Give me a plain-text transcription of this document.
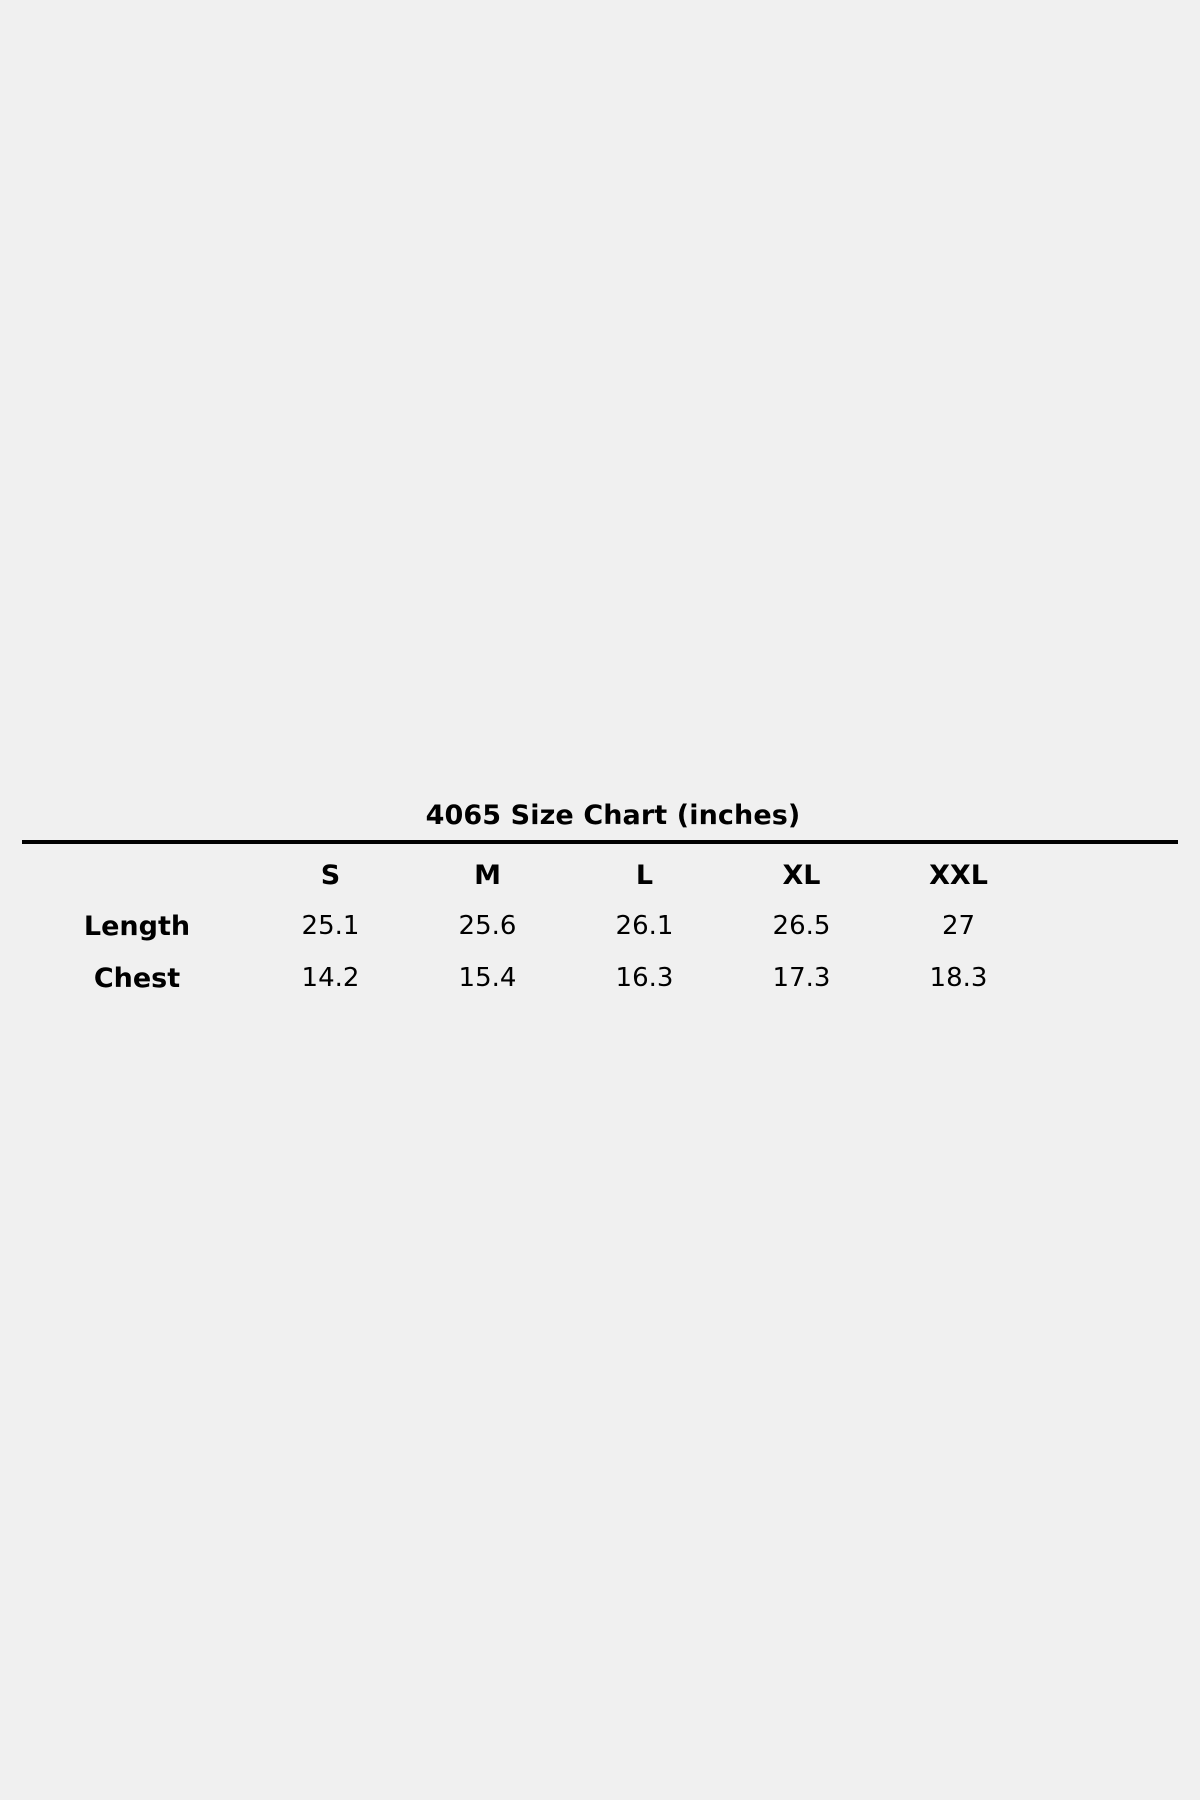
4065 Size Chart (inches)
	S	M	L	XL	XXL	
Length	25.1	25.6	26.1	26.5	27	
Chest	14.2	15.4	16.3	17.3	18.3	
